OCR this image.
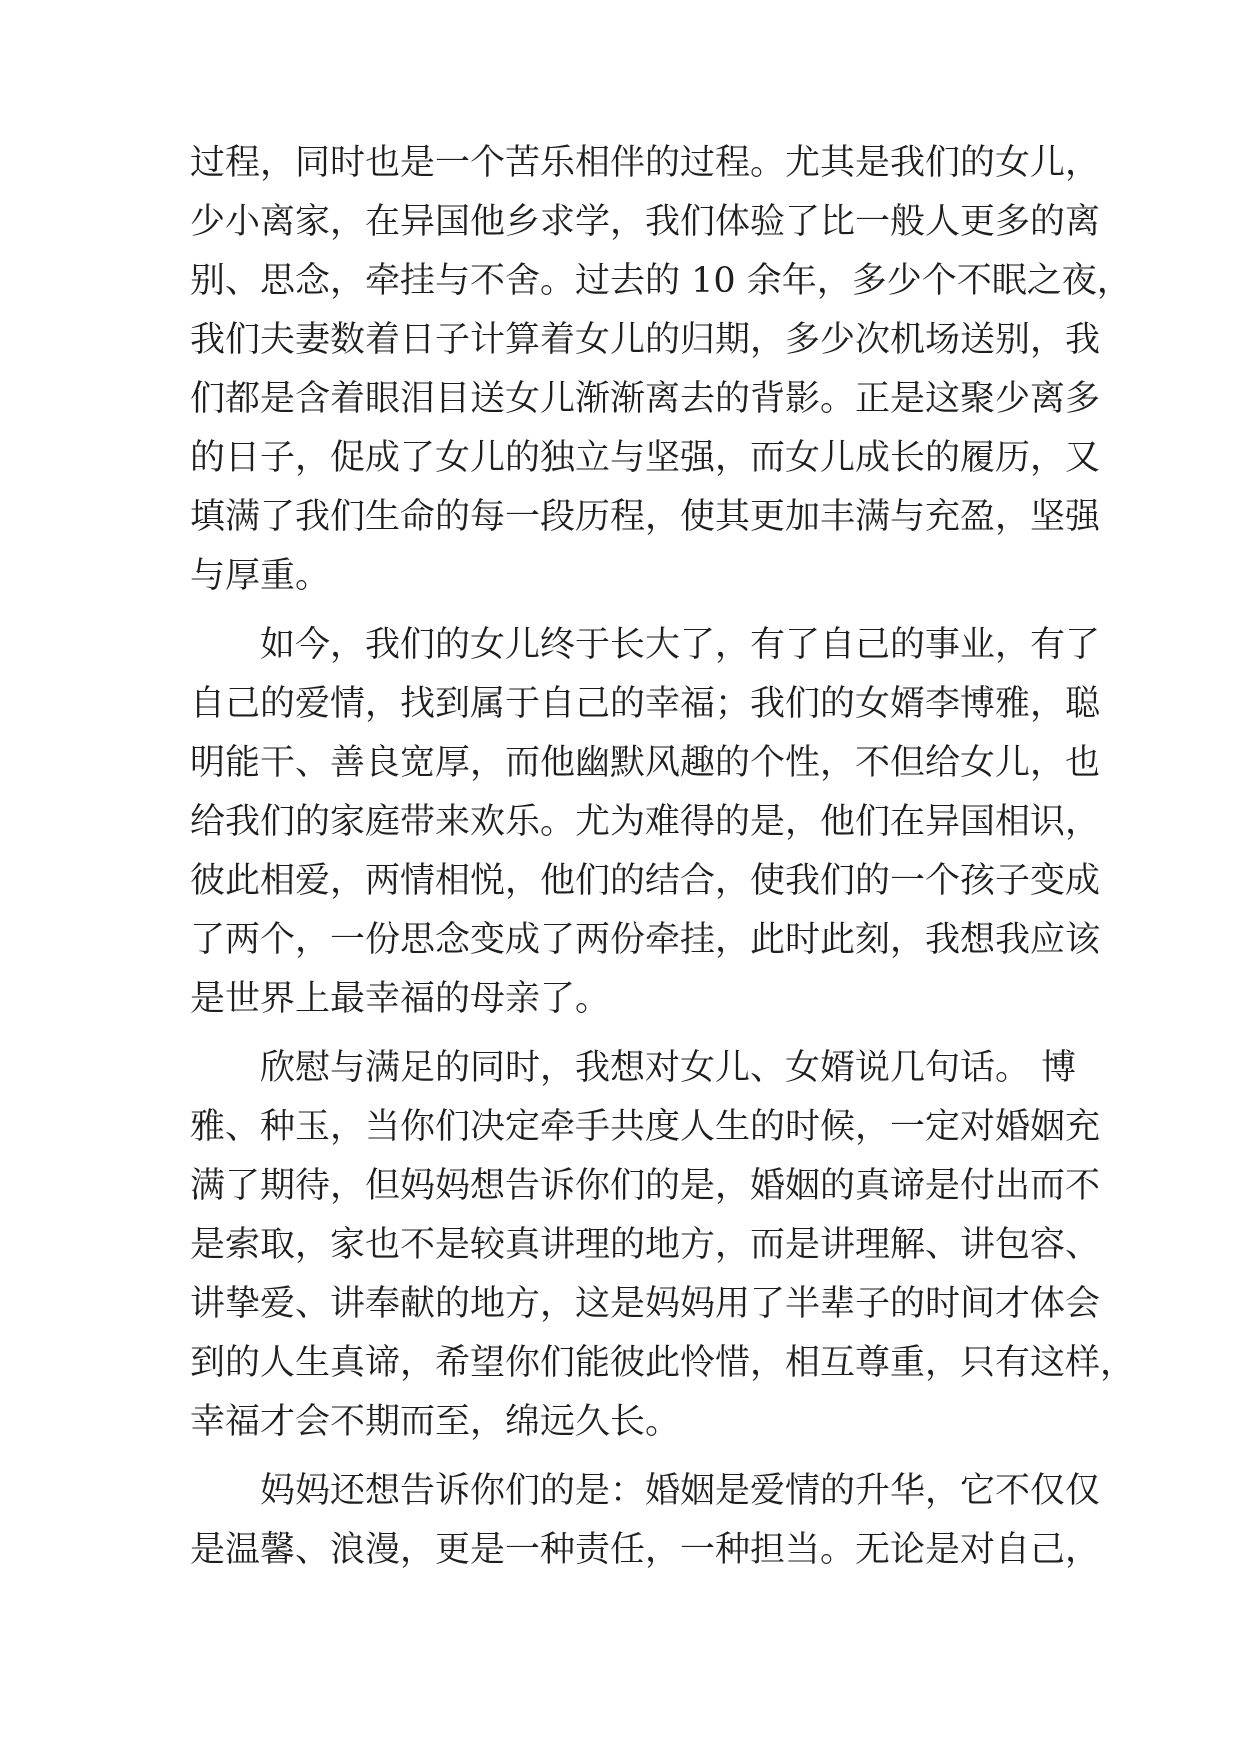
过程，同时也是一个苦乐相伴的过程。尤其是我们的女儿，
少小离家，在异国他乡求学，我们体验了比一般人更多的离
别、思念，牵挂与不舍。过去的 10 余年，多少个不眠之夜，
我们夫妻数着日子计算着女儿的归期，多少次机场送别，我
们都是含着眼泪目送女儿渐渐离去的背影。正是这聚少离多
的日子，促成了女儿的独立与坚强，而女儿成长的履历，又
填满了我们生命的每一段历程，使其更加丰满与充盈，坚强
与厚重。
如今，我们的女儿终于长大了，有了自己的事业，有了
自己的爱情，找到属于自己的幸福；我们的女婿李博雅，聪
明能干、善良宽厚，而他幽默风趣的个性，不但给女儿，也
给我们的家庭带来欢乐。尤为难得的是，他们在异国相识，
彼此相爱，两情相悦，他们的结合，使我们的一个孩子变成
了两个，一份思念变成了两份牵挂，此时此刻，我想我应该
是世界上最幸福的母亲了。
欣慰与满足的同时，我想对女儿、女婿说几句话。 博
雅、种玉，当你们决定牵手共度人生的时候，一定对婚姻充
满了期待，但妈妈想告诉你们的是，婚姻的真谛是付出而不
是索取，家也不是较真讲理的地方，而是讲理解、讲包容、
讲挚爱、讲奉献的地方，这是妈妈用了半辈子的时间才体会
到的人生真谛，希望你们能彼此怜惜，相互尊重，只有这样，
幸福才会不期而至，绵远久长。
妈妈还想告诉你们的是：婚姻是爱情的升华，它不仅仅
是温馨、浪漫，更是一种责任，一种担当。无论是对自己，
